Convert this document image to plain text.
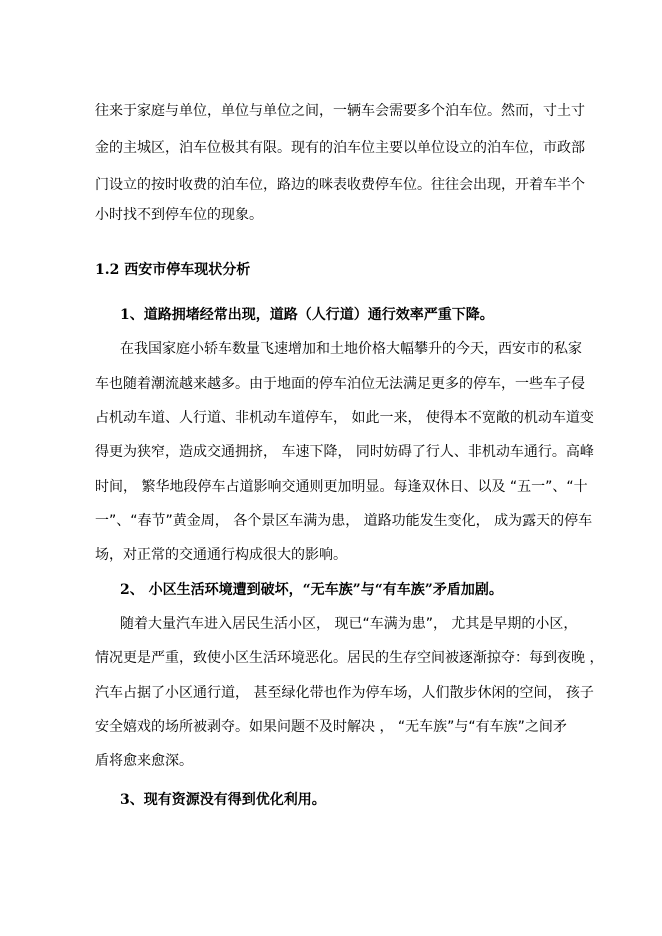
往来于家庭与单位，单位与单位之间，一辆车会需要多个泊车位。然而，寸土寸

金的主城区，泊车位极其有限。现有的泊车位主要以单位设立的泊车位，市政部

门设立的按时收费的泊车位，路边的咪表收费停车位。往往会出现，开着车半个

小时找不到停车位的现象。

1.2 西安市停车现状分析

1、道路拥堵经常出现，道路（人行道）通行效率严重下降。

在我国家庭小轿车数量飞速增加和土地价格大幅攀升的今天，西安市的私家

车也随着潮流越来越多。由于地面的停车泊位无法满足更多的停车，一些车子侵

占机动车道、人行道、非机动车道停车， 如此一来， 使得本不宽敞的机动车道变

得更为狭窄，造成交通拥挤， 车速下降， 同时妨碍了行人、非机动车通行。高峰

时间， 繁华地段停车占道影响交通则更加明显。每逢双休日、以及 “五一”、“十

一”、“春节”黄金周， 各个景区车满为患， 道路功能发生变化， 成为露天的停车

场，对正常的交通通行构成很大的影响。

2、 小区生活环境遭到破坏，“无车族”与“有车族”矛盾加剧。

随着大量汽车进入居民生活小区， 现已“车满为患”， 尤其是早期的小区，

情况更是严重，致使小区生活环境恶化。居民的生存空间被逐渐掠夺：每到夜晚 ，

汽车占据了小区通行道， 甚至绿化带也作为停车场，人们散步休闲的空间， 孩子

安全嬉戏的场所被剥夺。如果问题不及时解决 ， “无车族”与“有车族”之间矛

盾将愈来愈深。

3、现有资源没有得到优化利用。
